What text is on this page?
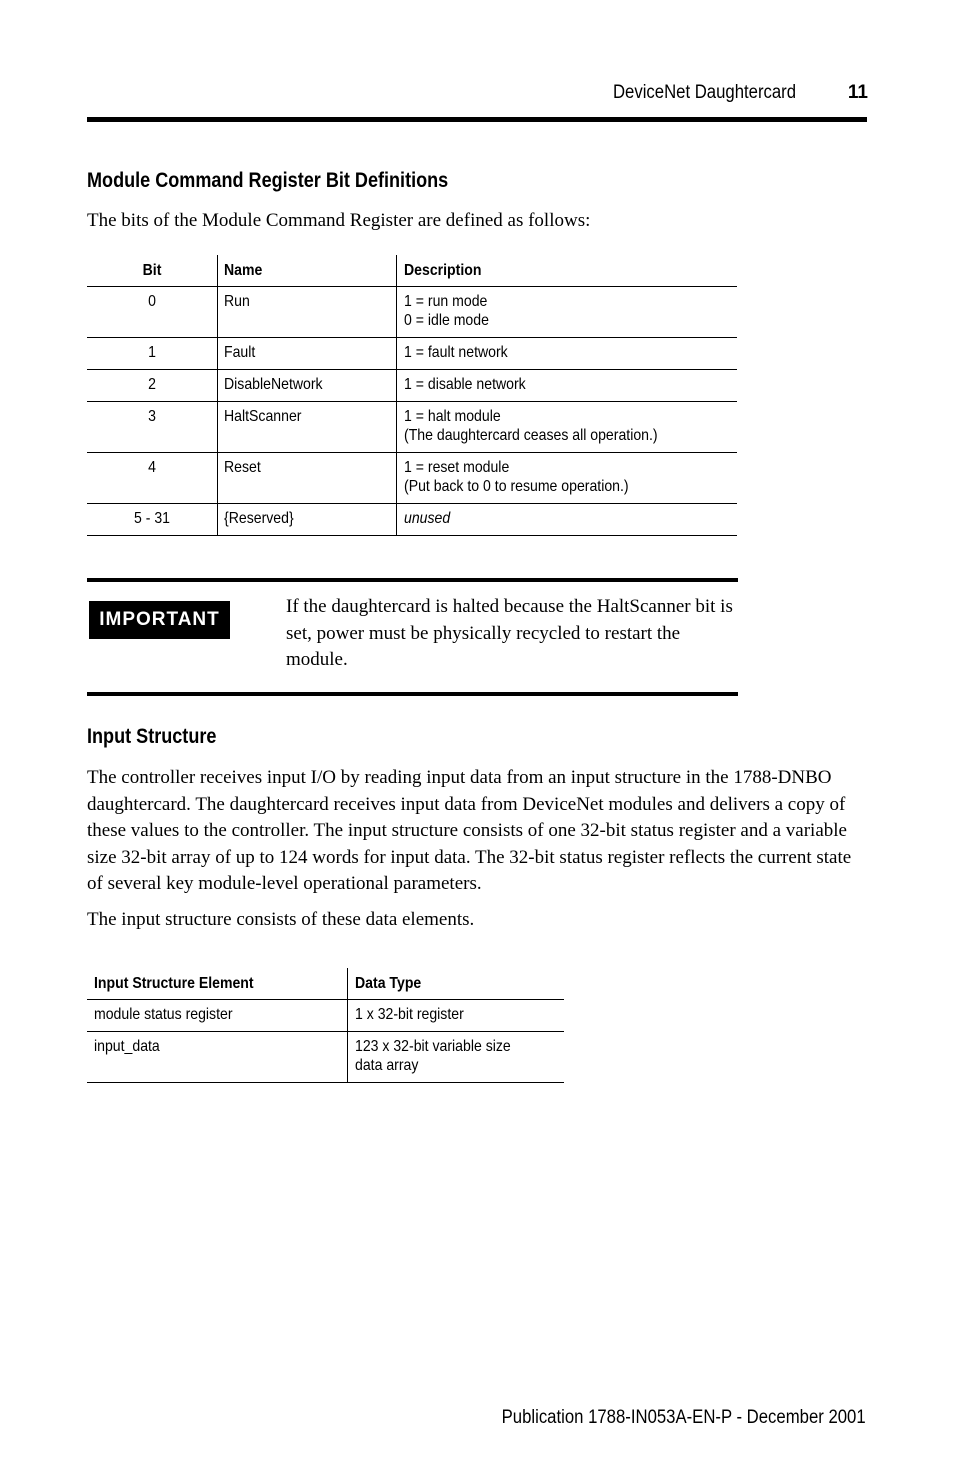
DeviceNet Daughtercard	11
Module Command Register Bit Definitions
The bits of the Module Command Register are defined as follows:
Bit	Name	Description

0	Run	1 = run mode
0 = idle mode

1	Fault	1 = fault network

2	DisableNetwork	1 = disable network

3	HaltScanner	1 = halt module
(The daughtercard ceases all operation.)

4	Reset	1 = reset module
(Put back to 0 to resume operation.)

5 - 31	{Reserved}	unused
IMPORTANT
If the daughtercard is halted because the HaltScanner bit is set, power must be physically recycled to restart the module.
Input Structure
The controller receives input I/O by reading input data from an input structure in the 1788-DNBO daughtercard. The daughtercard receives input data from DeviceNet modules and delivers a copy of these values to the controller. The input structure consists of one 32-bit status register and a variable size 32-bit array of up to 124 words for input data. The 32-bit status register reflects the current state of several key module-level operational parameters.
The input structure consists of these data elements.
Input Structure Element	Data Type

module status register	1 x 32-bit register

input_data	123 x 32-bit variable size
data array
Publication 1788-IN053A-EN-P - December 2001
